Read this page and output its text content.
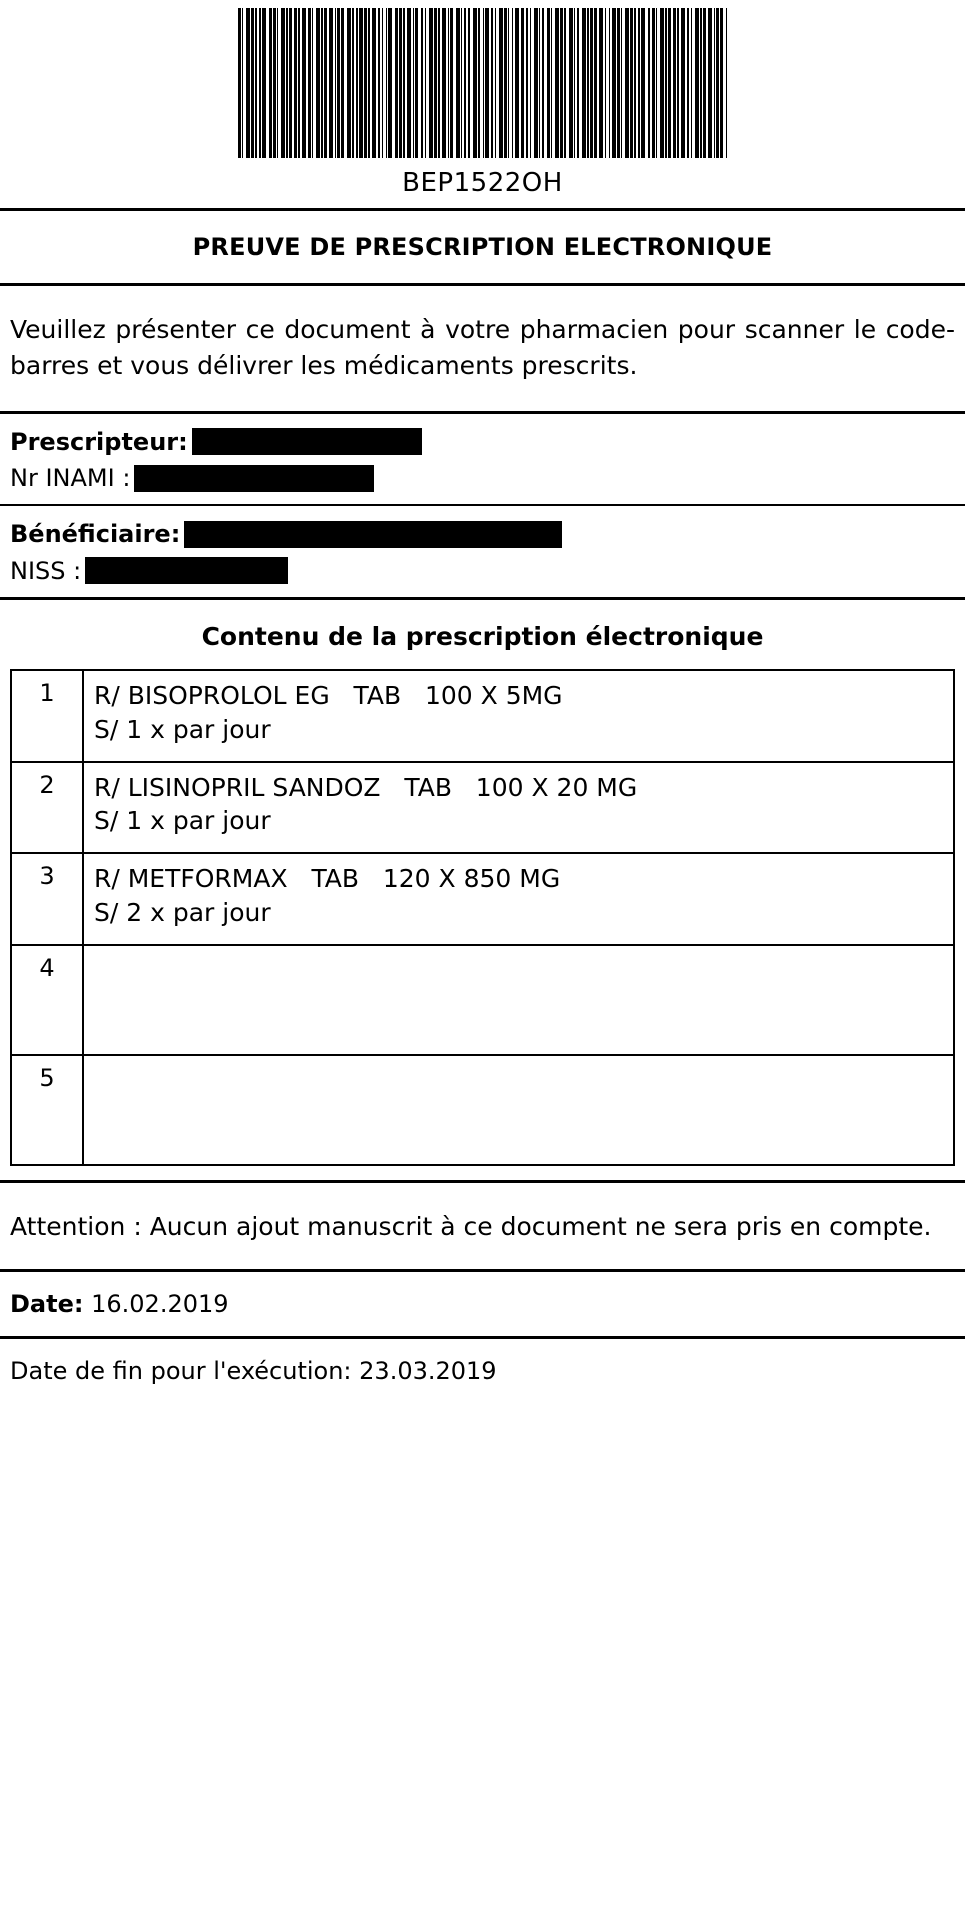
BEP1522OH
PREUVE DE PRESCRIPTION ELECTRONIQUE
Veuillez présenter ce document à votre pharmacien pour scanner le code-barres et vous délivrer les médicaments prescrits.
Prescripteur:
Nr INAMI :
Bénéficiaire:
NISS :
Contenu de la prescription électronique
1	R/ BISOPROLOL EG   TAB   100 X 5MG
S/ 1 x par jour

2	R/ LISINOPRIL SANDOZ   TAB   100 X 20 MG
S/ 1 x par jour

3	R/ METFORMAX   TAB   120 X 850 MG
S/ 2 x par jour

4	

5	
Attention : Aucun ajout manuscrit à ce document ne sera pris en compte.
Date: 16.02.2019
Date de fin pour l'exécution: 23.03.2019
